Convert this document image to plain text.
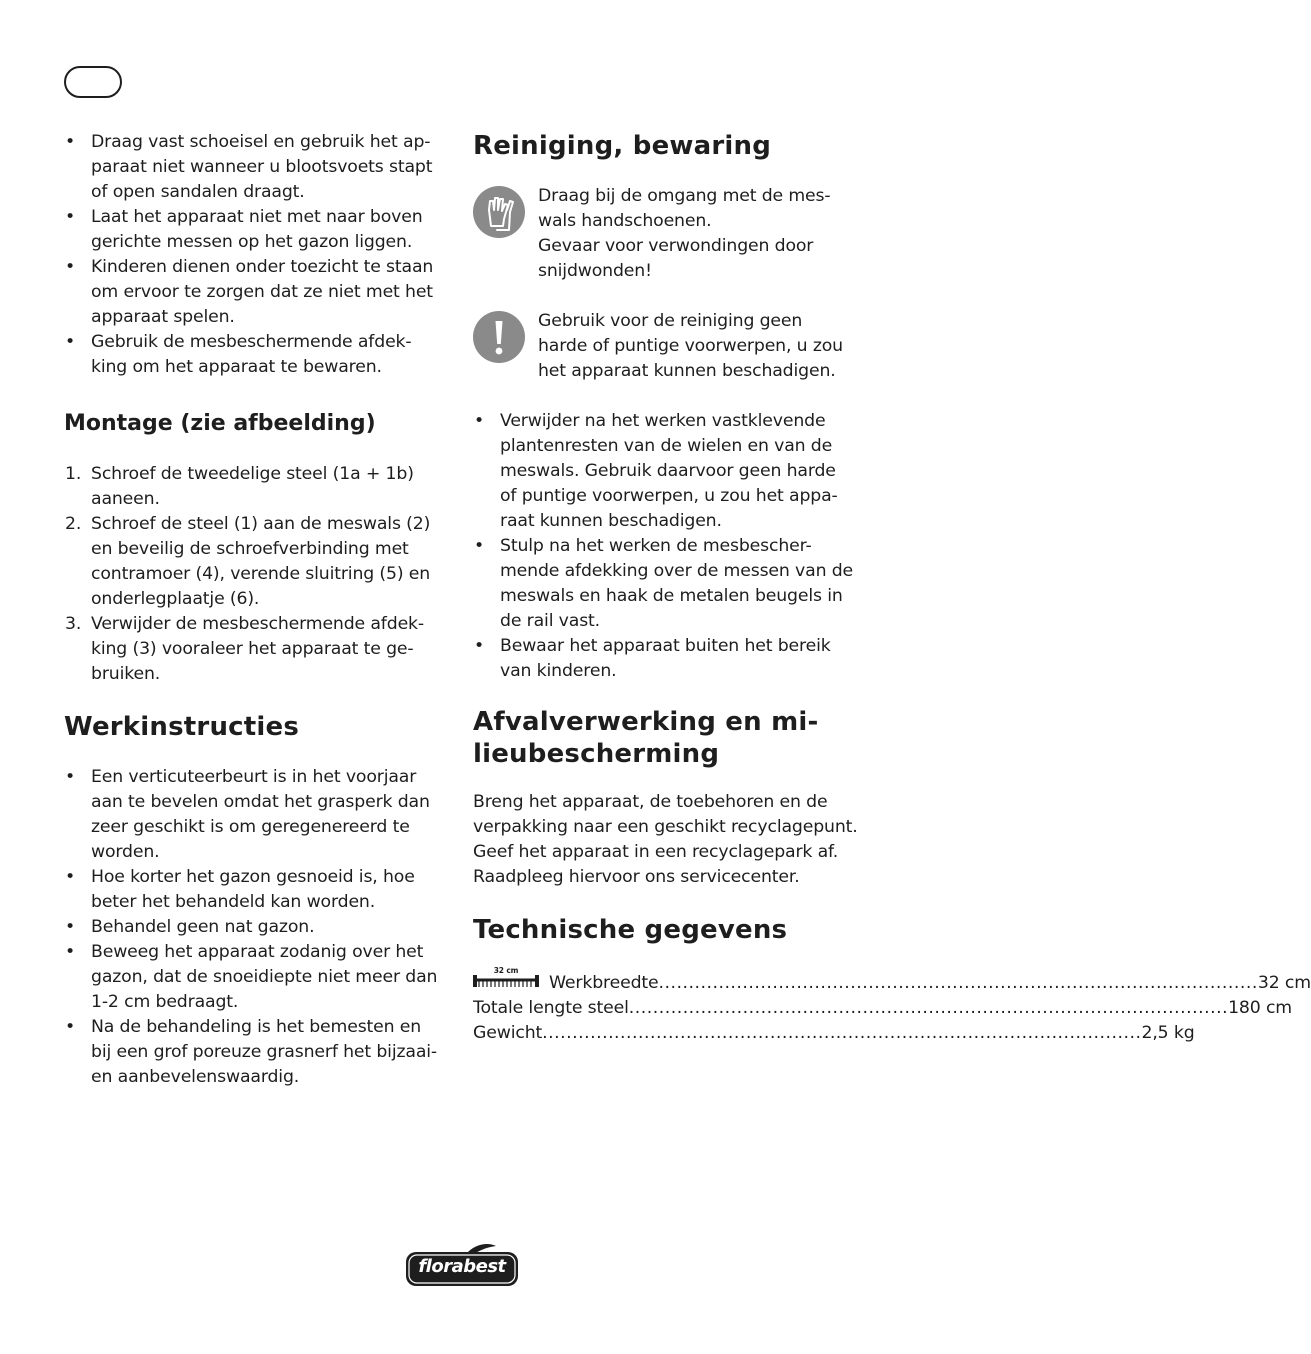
• Draag vast schoeisel en gebruik het ap-
paraat niet wanneer u blootsvoets stapt
of open sandalen draagt.
• Laat het apparaat niet met naar boven
gerichte messen op het gazon liggen.
• Kinderen dienen onder toezicht te staan
om ervoor te zorgen dat ze niet met het
apparaat spelen.
• Gebruik de mesbeschermende afdek-
king om het apparaat te bewaren.
Montage (zie afbeelding)
1. Schroef de tweedelige steel (1a + 1b)
aaneen.
2. Schroef de steel (1) aan de meswals (2)
en beveilig de schroefverbinding met
contramoer (4), verende sluitring (5) en
onderlegplaatje (6).
3. Verwijder de mesbeschermende afdek-
king (3) vooraleer het apparaat te ge-
bruiken.
Werkinstructies
• Een verticuteerbeurt is in het voorjaar
aan te bevelen omdat het grasperk dan
zeer geschikt is om geregenereerd te
worden.
• Hoe korter het gazon gesnoeid is, hoe
beter het behandeld kan worden.
• Behandel geen nat gazon.
• Beweeg het apparaat zodanig over het
gazon, dat de snoeidiepte niet meer dan
1-2 cm bedraagt.
• Na de behandeling is het bemesten en
bij een grof poreuze grasnerf het bijzaai-
en aanbevelenswaardig.
Reiniging, bewaring
Draag bij de omgang met de mes-
wals handschoenen.
Gevaar voor verwondingen door
snijdwonden!
Gebruik voor de reiniging geen
harde of puntige voorwerpen, u zou
het apparaat kunnen beschadigen.
• Verwijder na het werken vastklevende
plantenresten van de wielen en van de
meswals. Gebruik daarvoor geen harde
of puntige voorwerpen, u zou het appa-
raat kunnen beschadigen.
• Stulp na het werken de mesbescher-
mende afdekking over de messen van de
meswals en haak de metalen beugels in
de rail vast.
• Bewaar het apparaat buiten het bereik
van kinderen.
Afvalverwerking en mi-
lieubescherming
Breng het apparaat, de toebehoren en de
verpakking naar een geschikt recyclagepunt.
Geef het apparaat in een recyclagepark af.
Raadpleeg hiervoor ons servicecenter.
Technische gegevens
32 cm
Werkbreedte .................................................................................................... 32 cm
Totale lengte steel .................................................................................................... 180 cm
Gewicht .................................................................................................... 2,5 kg
florabest
